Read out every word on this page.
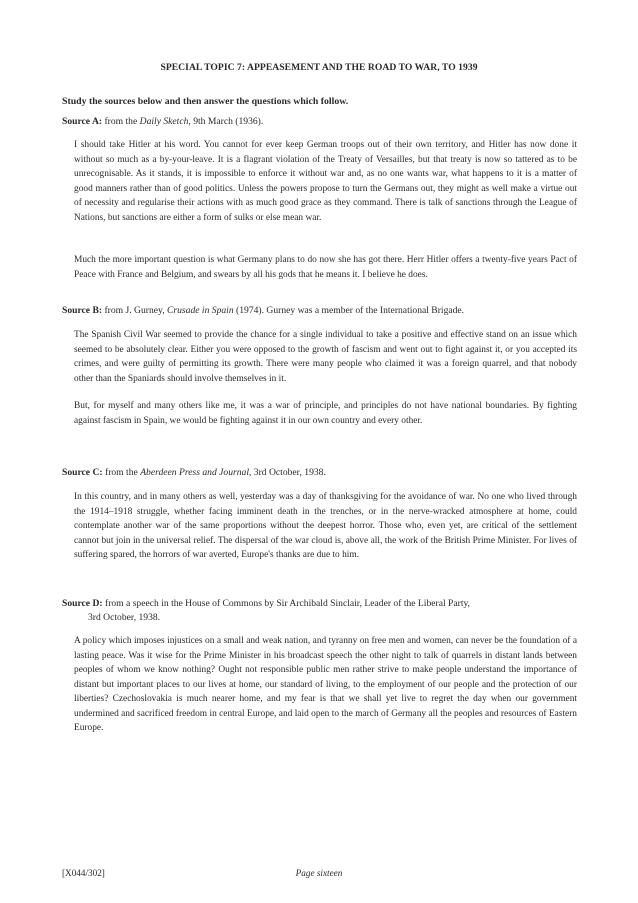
SPECIAL TOPIC 7: APPEASEMENT AND THE ROAD TO WAR, TO 1939
Study the sources below and then answer the questions which follow.
Source A: from the Daily Sketch, 9th March (1936).
I should take Hitler at his word. You cannot for ever keep German troops out of their own territory, and Hitler has now done it without so much as a by-your-leave. It is a flagrant violation of the Treaty of Versailles, but that treaty is now so tattered as to be unrecognisable. As it stands, it is impossible to enforce it without war and, as no one wants war, what happens to it is a matter of good manners rather than of good politics. Unless the powers propose to turn the Germans out, they might as well make a virtue out of necessity and regularise their actions with as much good grace as they command. There is talk of sanctions through the League of Nations, but sanctions are either a form of sulks or else mean war.
Much the more important question is what Germany plans to do now she has got there. Herr Hitler offers a twenty-five years Pact of Peace with France and Belgium, and swears by all his gods that he means it. I believe he does.
Source B: from J. Gurney, Crusade in Spain (1974). Gurney was a member of the International Brigade.
The Spanish Civil War seemed to provide the chance for a single individual to take a positive and effective stand on an issue which seemed to be absolutely clear. Either you were opposed to the growth of fascism and went out to fight against it, or you accepted its crimes, and were guilty of permitting its growth. There were many people who claimed it was a foreign quarrel, and that nobody other than the Spaniards should involve themselves in it.
But, for myself and many others like me, it was a war of principle, and principles do not have national boundaries. By fighting against fascism in Spain, we would be fighting against it in our own country and every other.
Source C: from the Aberdeen Press and Journal, 3rd October, 1938.
In this country, and in many others as well, yesterday was a day of thanksgiving for the avoidance of war. No one who lived through the 1914–1918 struggle, whether facing imminent death in the trenches, or in the nerve-wracked atmosphere at home, could contemplate another war of the same proportions without the deepest horror. Those who, even yet, are critical of the settlement cannot but join in the universal relief. The dispersal of the war cloud is, above all, the work of the British Prime Minister. For lives of suffering spared, the horrors of war averted, Europe's thanks are due to him.
Source D: from a speech in the House of Commons by Sir Archibald Sinclair, Leader of the Liberal Party,
3rd October, 1938.
A policy which imposes injustices on a small and weak nation, and tyranny on free men and women, can never be the foundation of a lasting peace. Was it wise for the Prime Minister in his broadcast speech the other night to talk of quarrels in distant lands between peoples of whom we know nothing? Ought not responsible public men rather strive to make people understand the importance of distant but important places to our lives at home, our standard of living, to the employment of our people and the protection of our liberties? Czechoslovakia is much nearer home, and my fear is that we shall yet live to regret the day when our government undermined and sacrificed freedom in central Europe, and laid open to the march of Germany all the peoples and resources of Eastern Europe.
[X044/302]	Page sixteen
